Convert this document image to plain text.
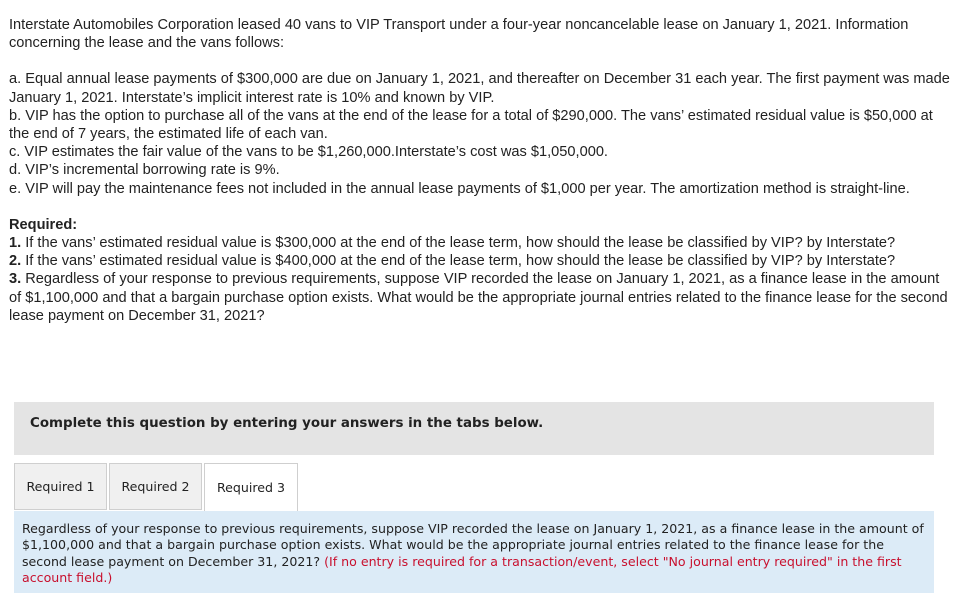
Interstate Automobiles Corporation leased 40 vans to VIP Transport under a four-year noncancelable lease on January 1, 2021. Information concerning the lease and the vans follows:

a. Equal annual lease payments of $300,000 are due on January 1, 2021, and thereafter on December 31 each year. The first payment was made January 1, 2021. Interstate’s implicit interest rate is 10% and known by VIP.

b. VIP has the option to purchase all of the vans at the end of the lease for a total of $290,000. The vans’ estimated residual value is $50,000 at the end of 7 years, the estimated life of each van.

c. VIP estimates the fair value of the vans to be $1,260,000.Interstate’s cost was $1,050,000.

d. VIP’s incremental borrowing rate is 9%.

e. VIP will pay the maintenance fees not included in the annual lease payments of $1,000 per year. The amortization method is straight-line.

Required:

1. If the vans’ estimated residual value is $300,000 at the end of the lease term, how should the lease be classified by VIP? by Interstate?

2. If the vans’ estimated residual value is $400,000 at the end of the lease term, how should the lease be classified by VIP? by Interstate?

3. Regardless of your response to previous requirements, suppose VIP recorded the lease on January 1, 2021, as a finance lease in the amount of $1,100,000 and that a bargain purchase option exists. What would be the appropriate journal entries related to the finance lease for the second lease payment on December 31, 2021?

Complete this question by entering your answers in the tabs below.
Required 1	Required 2	Required 3

Regardless of your response to previous requirements, suppose VIP recorded the lease on January 1, 2021, as a finance lease in the amount of $1,100,000 and that a bargain purchase option exists. What would be the appropriate journal entries related to the finance lease for the second lease payment on December 31, 2021? (If no entry is required for a transaction/event, select "No journal entry required" in the first account field.)
